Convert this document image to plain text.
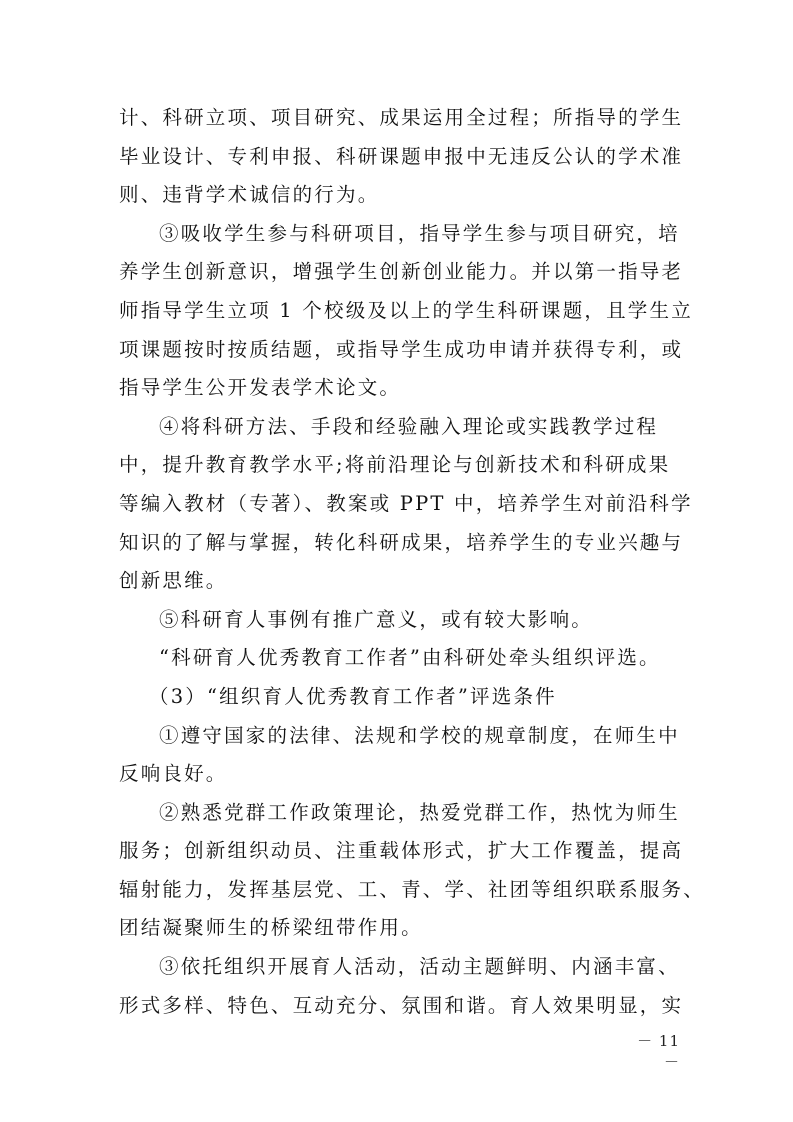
计、科研立项、项目研究、成果运用全过程；所指导的学生
毕业设计、专利申报、科研课题申报中无违反公认的学术准
则、违背学术诚信的行为。

③吸收学生参与科研项目，指导学生参与项目研究，培
养学生创新意识，增强学生创新创业能力。并以第一指导老
师指导学生立项 1 个校级及以上的学生科研课题，且学生立
项课题按时按质结题，或指导学生成功申请并获得专利，或
指导学生公开发表学术论文。

④将科研方法、手段和经验融入理论或实践教学过程
中，提升教育教学水平;将前沿理论与创新技术和科研成果
等编入教材（专著）、教案或 PPT 中，培养学生对前沿科学
知识的了解与掌握，转化科研成果，培养学生的专业兴趣与
创新思维。

⑤科研育人事例有推广意义，或有较大影响。

“科研育人优秀教育工作者”由科研处牵头组织评选。

（3）“组织育人优秀教育工作者”评选条件

①遵守国家的法律、法规和学校的规章制度，在师生中
反响良好。

②熟悉党群工作政策理论，热爱党群工作，热忱为师生
服务；创新组织动员、注重载体形式，扩大工作覆盖，提高
辐射能力，发挥基层党、工、青、学、社团等组织联系服务、
团结凝聚师生的桥梁纽带作用。

③依托组织开展育人活动，活动主题鲜明、内涵丰富、
形式多样、特色、互动充分、氛围和谐。育人效果明显，实

－ 11 －
